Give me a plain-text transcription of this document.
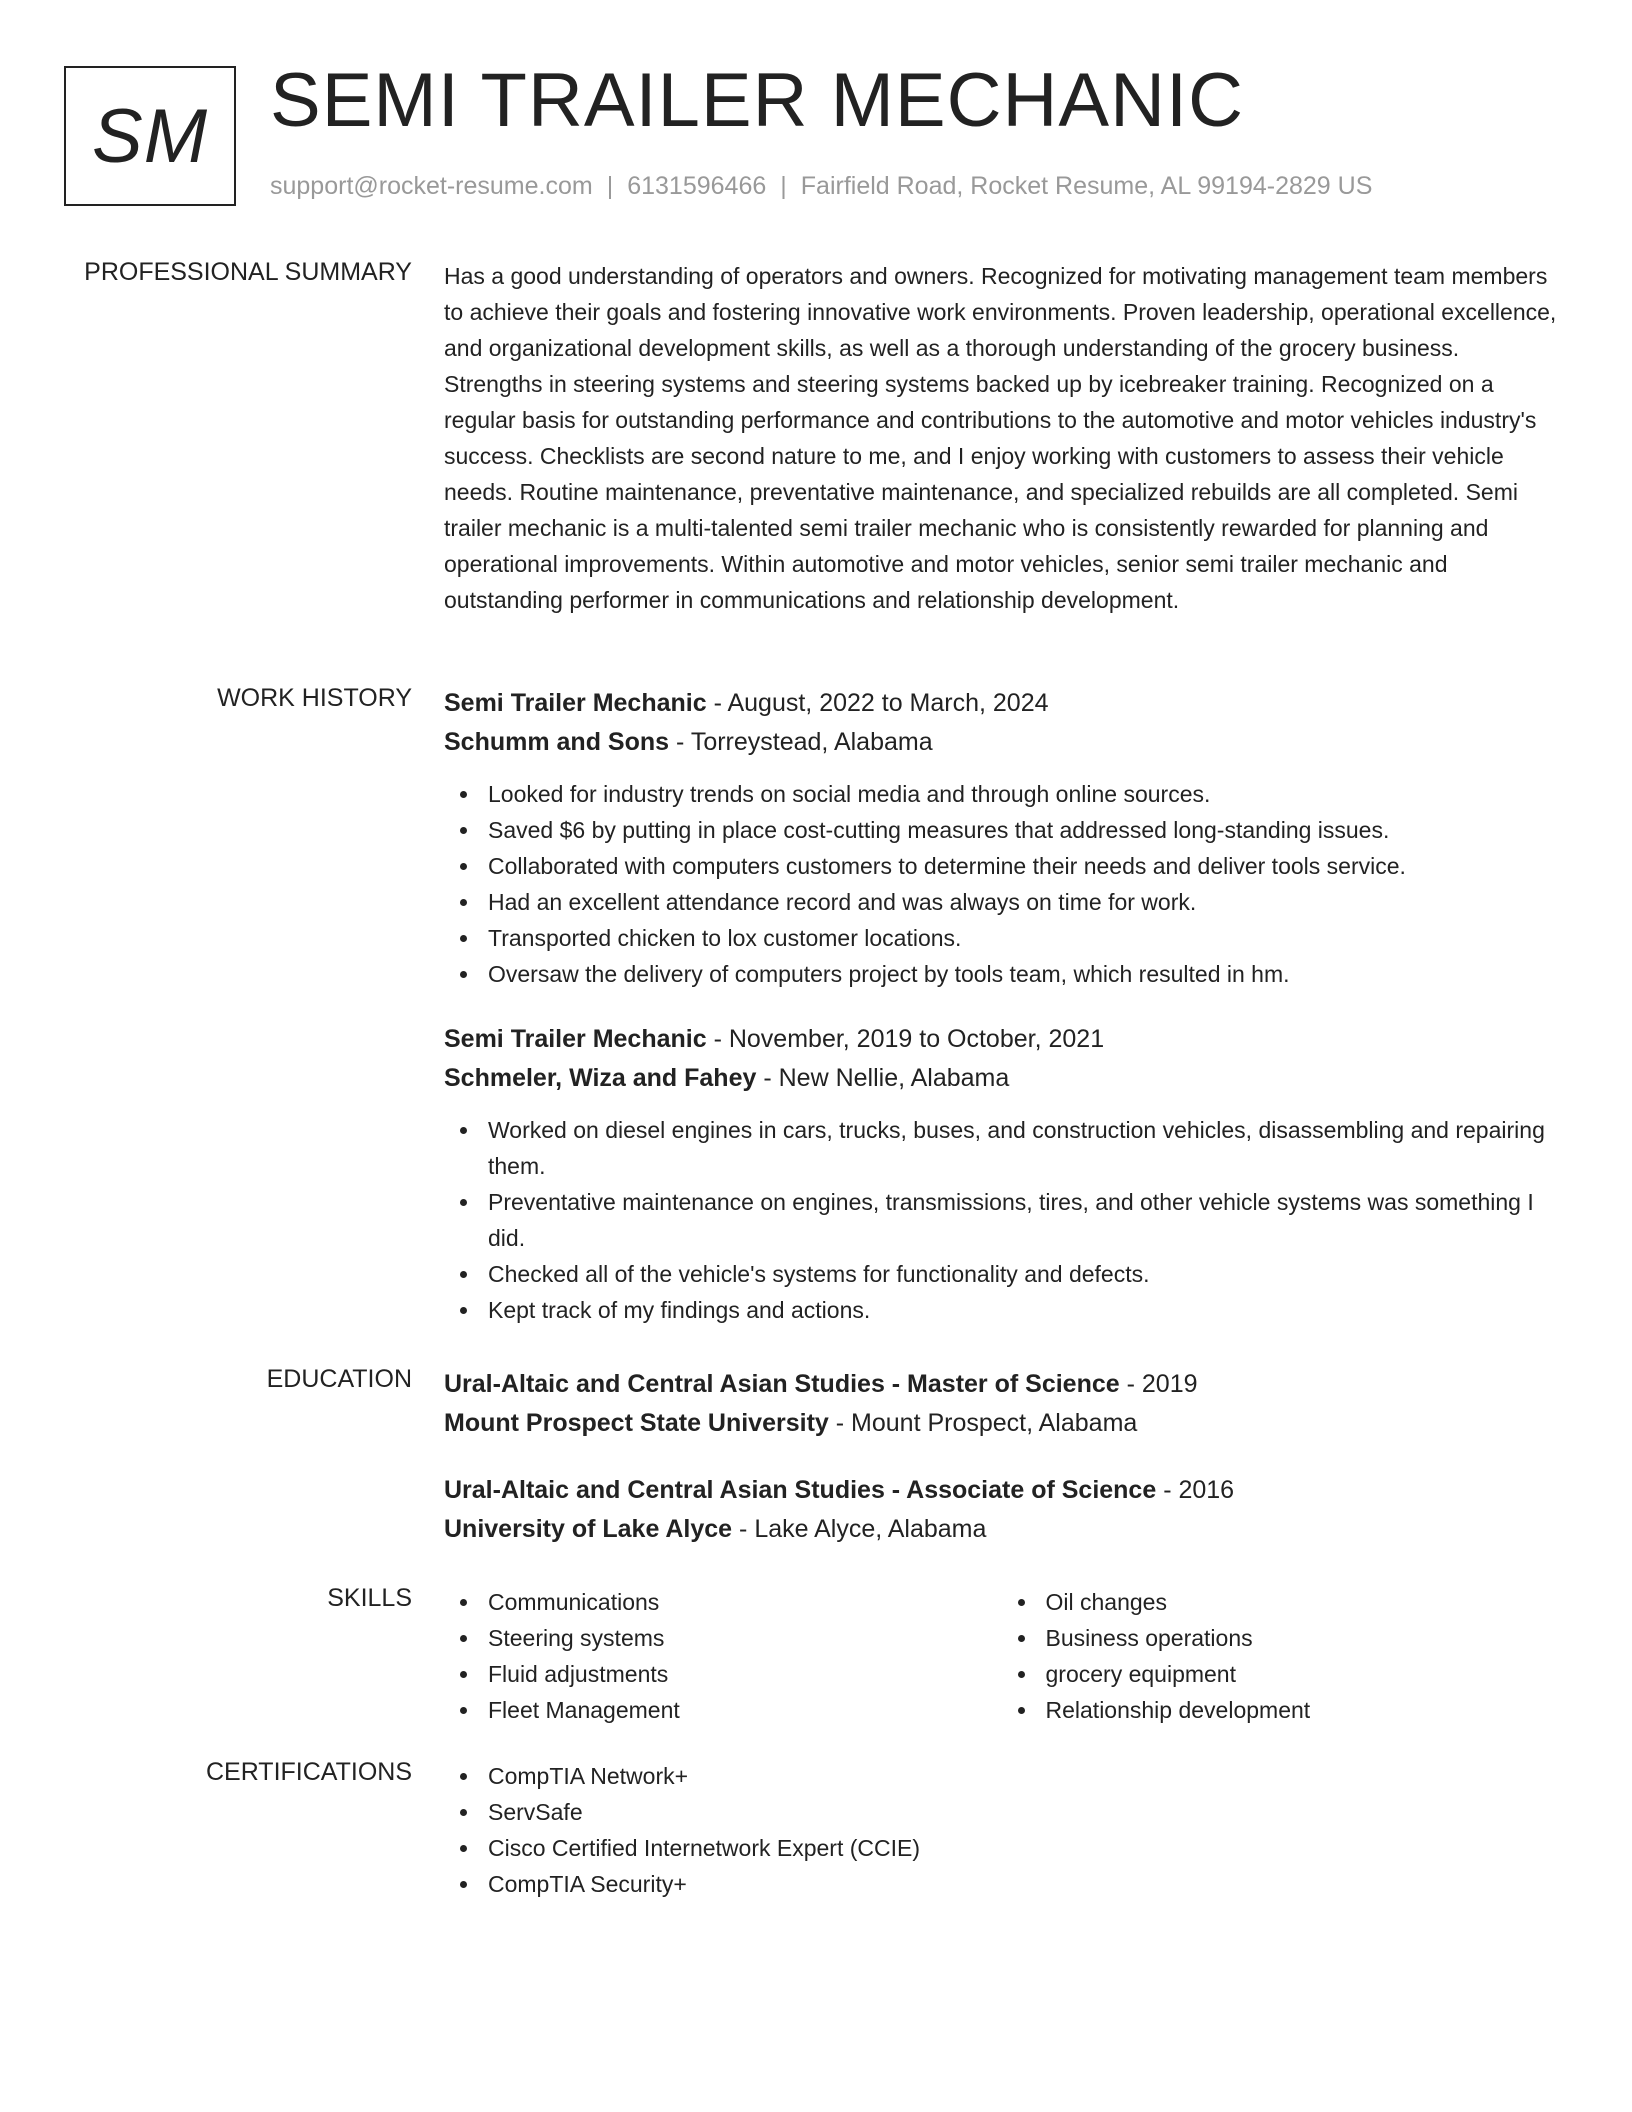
SM SEMI TRAILER MECHANIC
support@rocket-resume.com | 6131596466 | Fairfield Road, Rocket Resume, AL 99194-2829 US
PROFESSIONAL SUMMARY Has a good understanding of operators and owners. Recognized for motivating management team members to achieve their goals and fostering innovative work environments. Proven leadership, operational excellence, and organizational development skills, as well as a thorough understanding of the grocery business. Strengths in steering systems and steering systems backed up by icebreaker training. Recognized on a regular basis for outstanding performance and contributions to the automotive and motor vehicles industry's success. Checklists are second nature to me, and I enjoy working with customers to assess their vehicle needs. Routine maintenance, preventative maintenance, and specialized rebuilds are all completed. Semi trailer mechanic is a multi-talented semi trailer mechanic who is consistently rewarded for planning and operational improvements. Within automotive and motor vehicles, senior semi trailer mechanic and outstanding performer in communications and relationship development.

WORK HISTORY Semi Trailer Mechanic - August, 2022 to March, 2024
Schumm and Sons - Torreystead, Alabama
Looked for industry trends on social media and through online sources.
Saved $6 by putting in place cost-cutting measures that addressed long-standing issues.
Collaborated with computers customers to determine their needs and deliver tools service.
Had an excellent attendance record and was always on time for work.
Transported chicken to lox customer locations.
Oversaw the delivery of computers project by tools team, which resulted in hm.
Semi Trailer Mechanic - November, 2019 to October, 2021
Schmeler, Wiza and Fahey - New Nellie, Alabama
Worked on diesel engines in cars, trucks, buses, and construction vehicles, disassembling and repairing them.
Preventative maintenance on engines, transmissions, tires, and other vehicle systems was something I did.
Checked all of the vehicle's systems for functionality and defects.
Kept track of my findings and actions.
EDUCATION Ural-Altaic and Central Asian Studies - Master of Science - 2019
Mount Prospect State University - Mount Prospect, Alabama
Ural-Altaic and Central Asian Studies - Associate of Science - 2016
University of Lake Alyce - Lake Alyce, Alabama
SKILLS	Communications
Steering systems
Fluid adjustments
Fleet Management
Oil changes
Business operations
grocery equipment
Relationship development
CERTIFICATIONS	CompTIA Network+
ServSafe
Cisco Certified Internetwork Expert (CCIE)
CompTIA Security+
